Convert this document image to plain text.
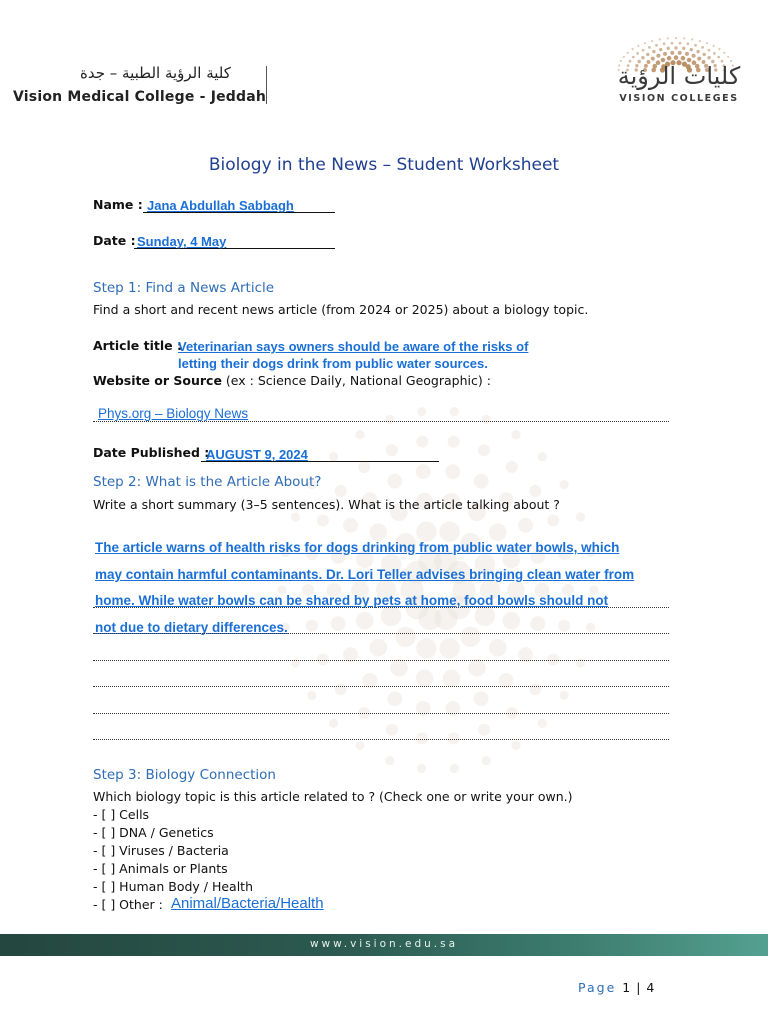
كلية الرؤية الطبية – جدة
Vision Medical College - Jeddah
كليات الرؤية
VISION COLLEGES
Biology in the News – Student Worksheet
Name : Jana Abdullah Sabbagh
Date : Sunday, 4 May
Step 1: Find a News Article
Find a short and recent news article (from 2024 or 2025) about a biology topic.
Article title :
Veterinarian says owners should be aware of the risks of
letting their dogs drink from public water sources.
Website or Source (ex : Science Daily, National Geographic) :
Phys.org – Biology News
Date Published :
AUGUST 9, 2024
Step 2: What is the Article About?
Write a short summary (3–5 sentences). What is the article talking about ?
The article warns of health risks for dogs drinking from public water bowls, which
may contain harmful contaminants. Dr. Lori Teller advises bringing clean water from
home. While water bowls can be shared by pets at home, food bowls should not
not due to dietary differences.
Step 3: Biology Connection
Which biology topic is this article related to ? (Check one or write your own.)
- [ ] Cells
- [ ] DNA / Genetics
- [ ] Viruses / Bacteria
- [ ] Animals or Plants
- [ ] Human Body / Health
- [ ] Other : Animal/Bacteria/Health
www.vision.edu.sa
Page 1 | 4
